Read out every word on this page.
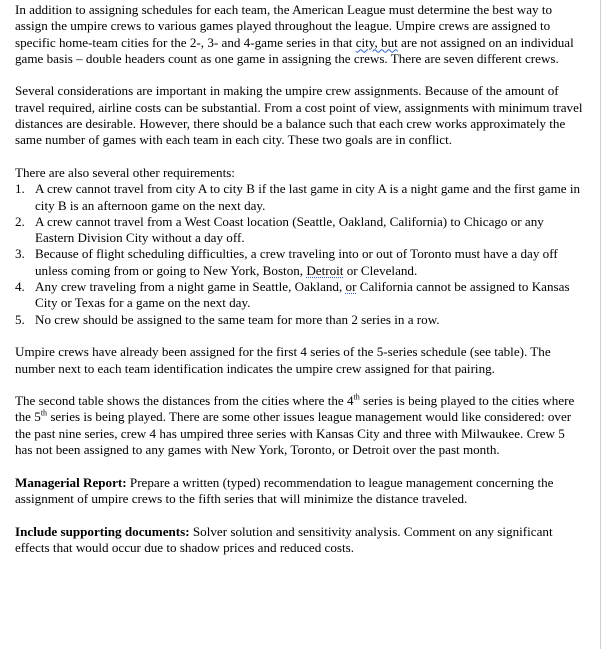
In addition to assigning schedules for each team, the American League must determine the best way to assign the umpire crews to various games played throughout the league. Umpire crews are assigned to specific home-team cities for the 2-, 3- and 4-game series in that city, but are not assigned on an individual game basis – double headers count as one game in assigning the crews. There are seven different crews.

Several considerations are important in making the umpire crew assignments. Because of the amount of travel required, airline costs can be substantial. From a cost point of view, assignments with minimum travel distances are desirable. However, there should be a balance such that each crew works approximately the same number of games with each team in each city. These two goals are in conflict.

There are also several other requirements:
1. A crew cannot travel from city A to city B if the last game in city A is a night game and the first game in city B is an afternoon game on the next day.
2. A crew cannot travel from a West Coast location (Seattle, Oakland, California) to Chicago or any Eastern Division City without a day off.
3. Because of flight scheduling difficulties, a crew traveling into or out of Toronto must have a day off unless coming from or going to New York, Boston, Detroit or Cleveland.
4. Any crew traveling from a night game in Seattle, Oakland, or California cannot be assigned to Kansas City or Texas for a game on the next day.
5. No crew should be assigned to the same team for more than 2 series in a row.

Umpire crews have already been assigned for the first 4 series of the 5-series schedule (see table). The number next to each team identification indicates the umpire crew assigned for that pairing.

The second table shows the distances from the cities where the 4th series is being played to the cities where the 5th series is being played. There are some other issues league management would like considered: over the past nine series, crew 4 has umpired three series with Kansas City and three with Milwaukee. Crew 5 has not been assigned to any games with New York, Toronto, or Detroit over the past month.

Managerial Report: Prepare a written (typed) recommendation to league management concerning the assignment of umpire crews to the fifth series that will minimize the distance traveled.

Include supporting documents: Solver solution and sensitivity analysis. Comment on any significant effects that would occur due to shadow prices and reduced costs.
